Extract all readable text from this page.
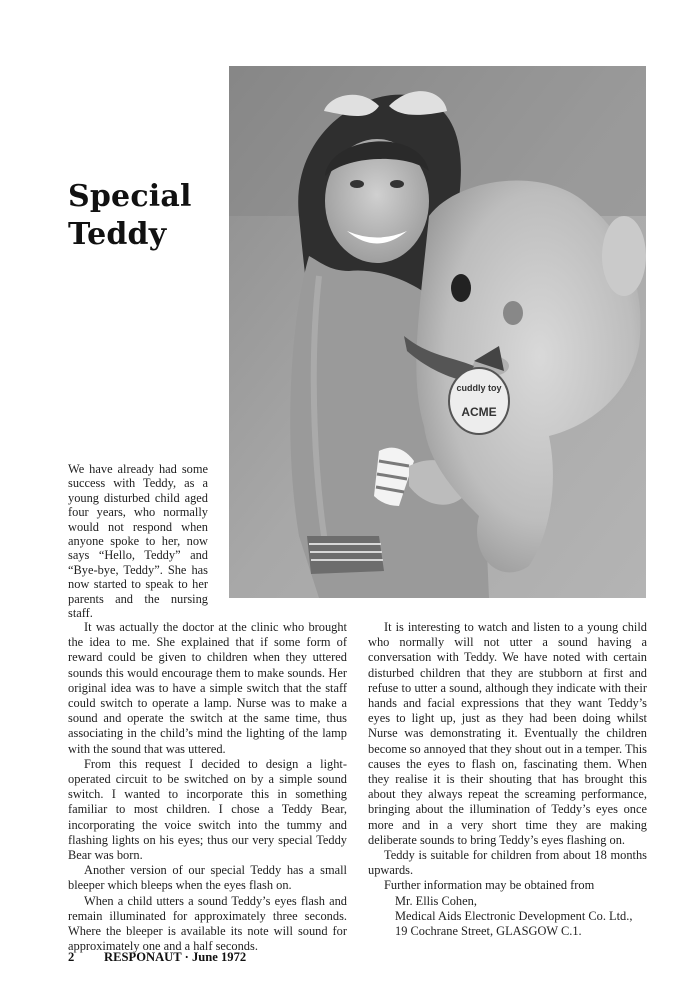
Special
Teddy
cuddly toy
ACME

We have already had some success with Teddy, as a young disturbed child aged four years, who normally would not respond when anyone spoke to her, now says “Hello, Teddy” and “Bye-bye, Teddy”. She has now started to speak to her parents and the nursing staff.

It was actually the doctor at the clinic who brought the idea to me. She explained that if some form of reward could be given to children when they uttered sounds this would encourage them to make sounds. Her original idea was to have a simple switch that the staff could switch to operate a lamp. Nurse was to make a sound and operate the switch at the same time, thus associating in the child’s mind the lighting of the lamp with the sound that was uttered.

From this request I decided to design a light-operated circuit to be switched on by a simple sound switch. I wanted to incorporate this in something familiar to most children. I chose a Teddy Bear, incorporating the voice switch into the tummy and flashing lights on his eyes; thus our very special Teddy Bear was born.

Another version of our special Teddy has a small bleeper which bleeps when the eyes flash on.

When a child utters a sound Teddy’s eyes flash and remain illuminated for approximately three seconds. Where the bleeper is available its note will sound for approximately one and a half seconds.

It is interesting to watch and listen to a young child who normally will not utter a sound having a conversation with Teddy. We have noted with certain disturbed children that they are stubborn at first and refuse to utter a sound, although they indicate with their hands and facial expressions that they want Teddy’s eyes to light up, just as they had been doing whilst Nurse was demonstrating it. Eventually the children become so annoyed that they shout out in a temper. This causes the eyes to flash on, fascinating them. When they realise it is their shouting that has brought this about they always repeat the screaming performance, bringing about the illumination of Teddy’s eyes once more and in a very short time they are making deliberate sounds to bring Teddy’s eyes flashing on.

Teddy is suitable for children from about 18 months upwards.

Further information may be obtained from

Mr. Ellis Cohen,

Medical Aids Electronic Development Co. Ltd.,

19 Cochrane Street, GLASGOW C.1.

2 RESPONAUT · June 1972
